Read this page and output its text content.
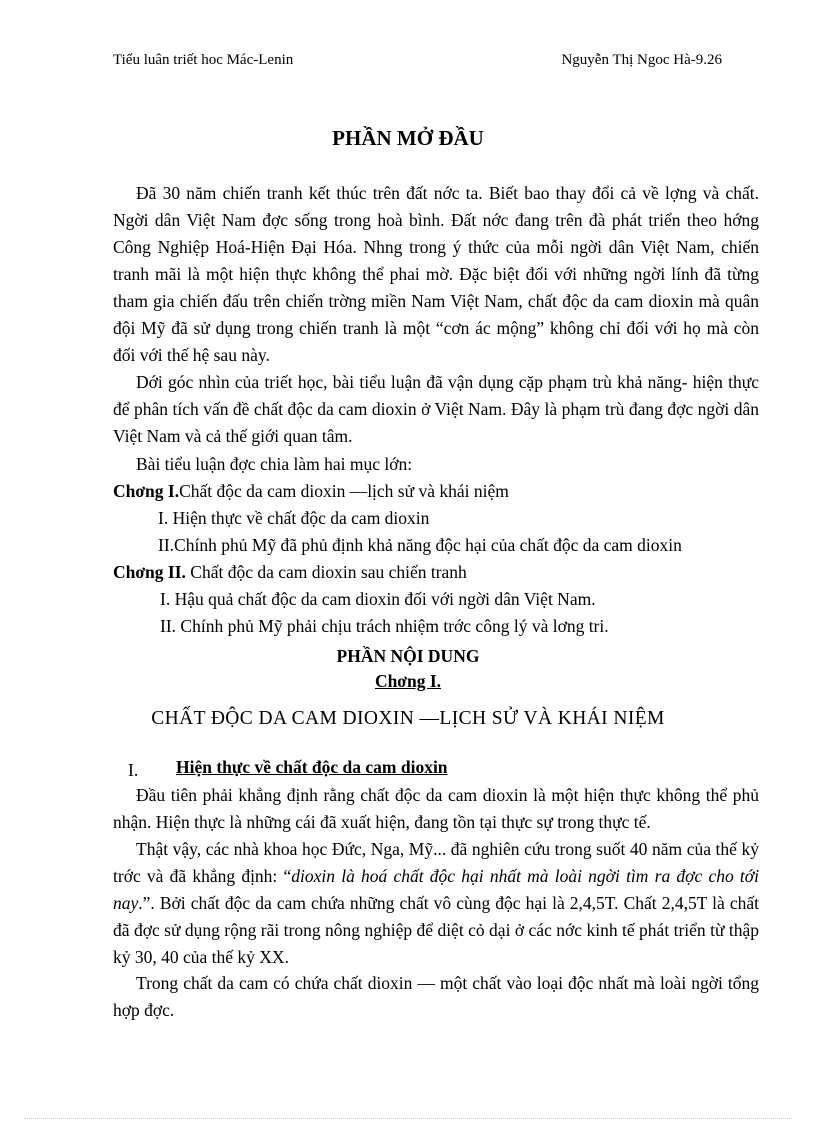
Tiểu luân triết hoc Mác-Lenin	Nguyễn Thị Ngoc Hà-9.26
PHẦN MỞ ĐẦU
Đã 30 năm chiến tranh kết thúc trên đất nớc ta. Biết bao thay đổi cả về lợng và chất. Ngời dân Việt Nam đợc sống trong hoà bình. Đất nớc đang trên đà phát triển theo hớng Công Nghiệp Hoá-Hiện Đại Hóa. Nhng trong ý thức của mỗi ngời dân Việt Nam, chiến tranh mãi là một hiện thực không thể phai mờ. Đặc biệt đối với những ngời lính đã từng tham gia chiến đấu trên chiến trờng miền Nam Việt Nam, chất độc da cam dioxin mà quân đội Mỹ đã sử dụng trong chiến tranh là một “cơn ác mộng” không chỉ đối với họ mà còn đối với thế hệ sau này.
Dới góc nhìn của triết học, bài tiểu luận đã vận dụng cặp phạm trù khả năng- hiện thực để phân tích vấn đề chất độc da cam dioxin ở Việt Nam. Đây là phạm trù đang đợc ngời dân Việt Nam và cả thế giới quan tâm.
Bài tiểu luận đợc chia làm hai mục lớn:
Chơng I.Chất độc da cam dioxin —lịch sử và khái niệm
I. Hiện thực về chất độc da cam dioxin
II.Chính phủ Mỹ đã phủ định khả năng độc hại của chất độc da cam dioxin
Chơng II. Chất độc da cam dioxin sau chiến tranh
I. Hậu quả chất độc da cam dioxin đối với ngời dân Việt Nam.
II. Chính phủ Mỹ phải chịu trách nhiệm trớc công lý và lơng tri.
PHẦN NỘI DUNG
Chơng I.
CHẤT ĐỘC DA CAM DIOXIN —LỊCH SỬ VÀ KHÁI NIỆM
I. Hiện thực về chất độc da cam dioxin
Đầu tiên phải khẳng định rằng chất độc da cam dioxin là một hiện thực không thể phủ nhận. Hiện thực là những cái đã xuất hiện, đang tồn tại thực sự trong thực tế.
Thật vậy, các nhà khoa học Đức, Nga, Mỹ... đã nghiên cứu trong suốt 40 năm của thế kỷ trớc và đã khẳng định: “dioxin là hoá chất độc hại nhất mà loài ngời tìm ra đợc cho tới nay.”. Bởi chất độc da cam chứa những chất vô cùng độc hại là 2,4,5T. Chất 2,4,5T là chất đã đợc sử dụng rộng rãi trong nông nghiệp để diệt cỏ dại ở các nớc kinh tế phát triển từ thập kỷ 30, 40 của thế kỷ XX.
Trong chất da cam có chứa chất dioxin — một chất vào loại độc nhất mà loài ngời tổng hợp đợc.
